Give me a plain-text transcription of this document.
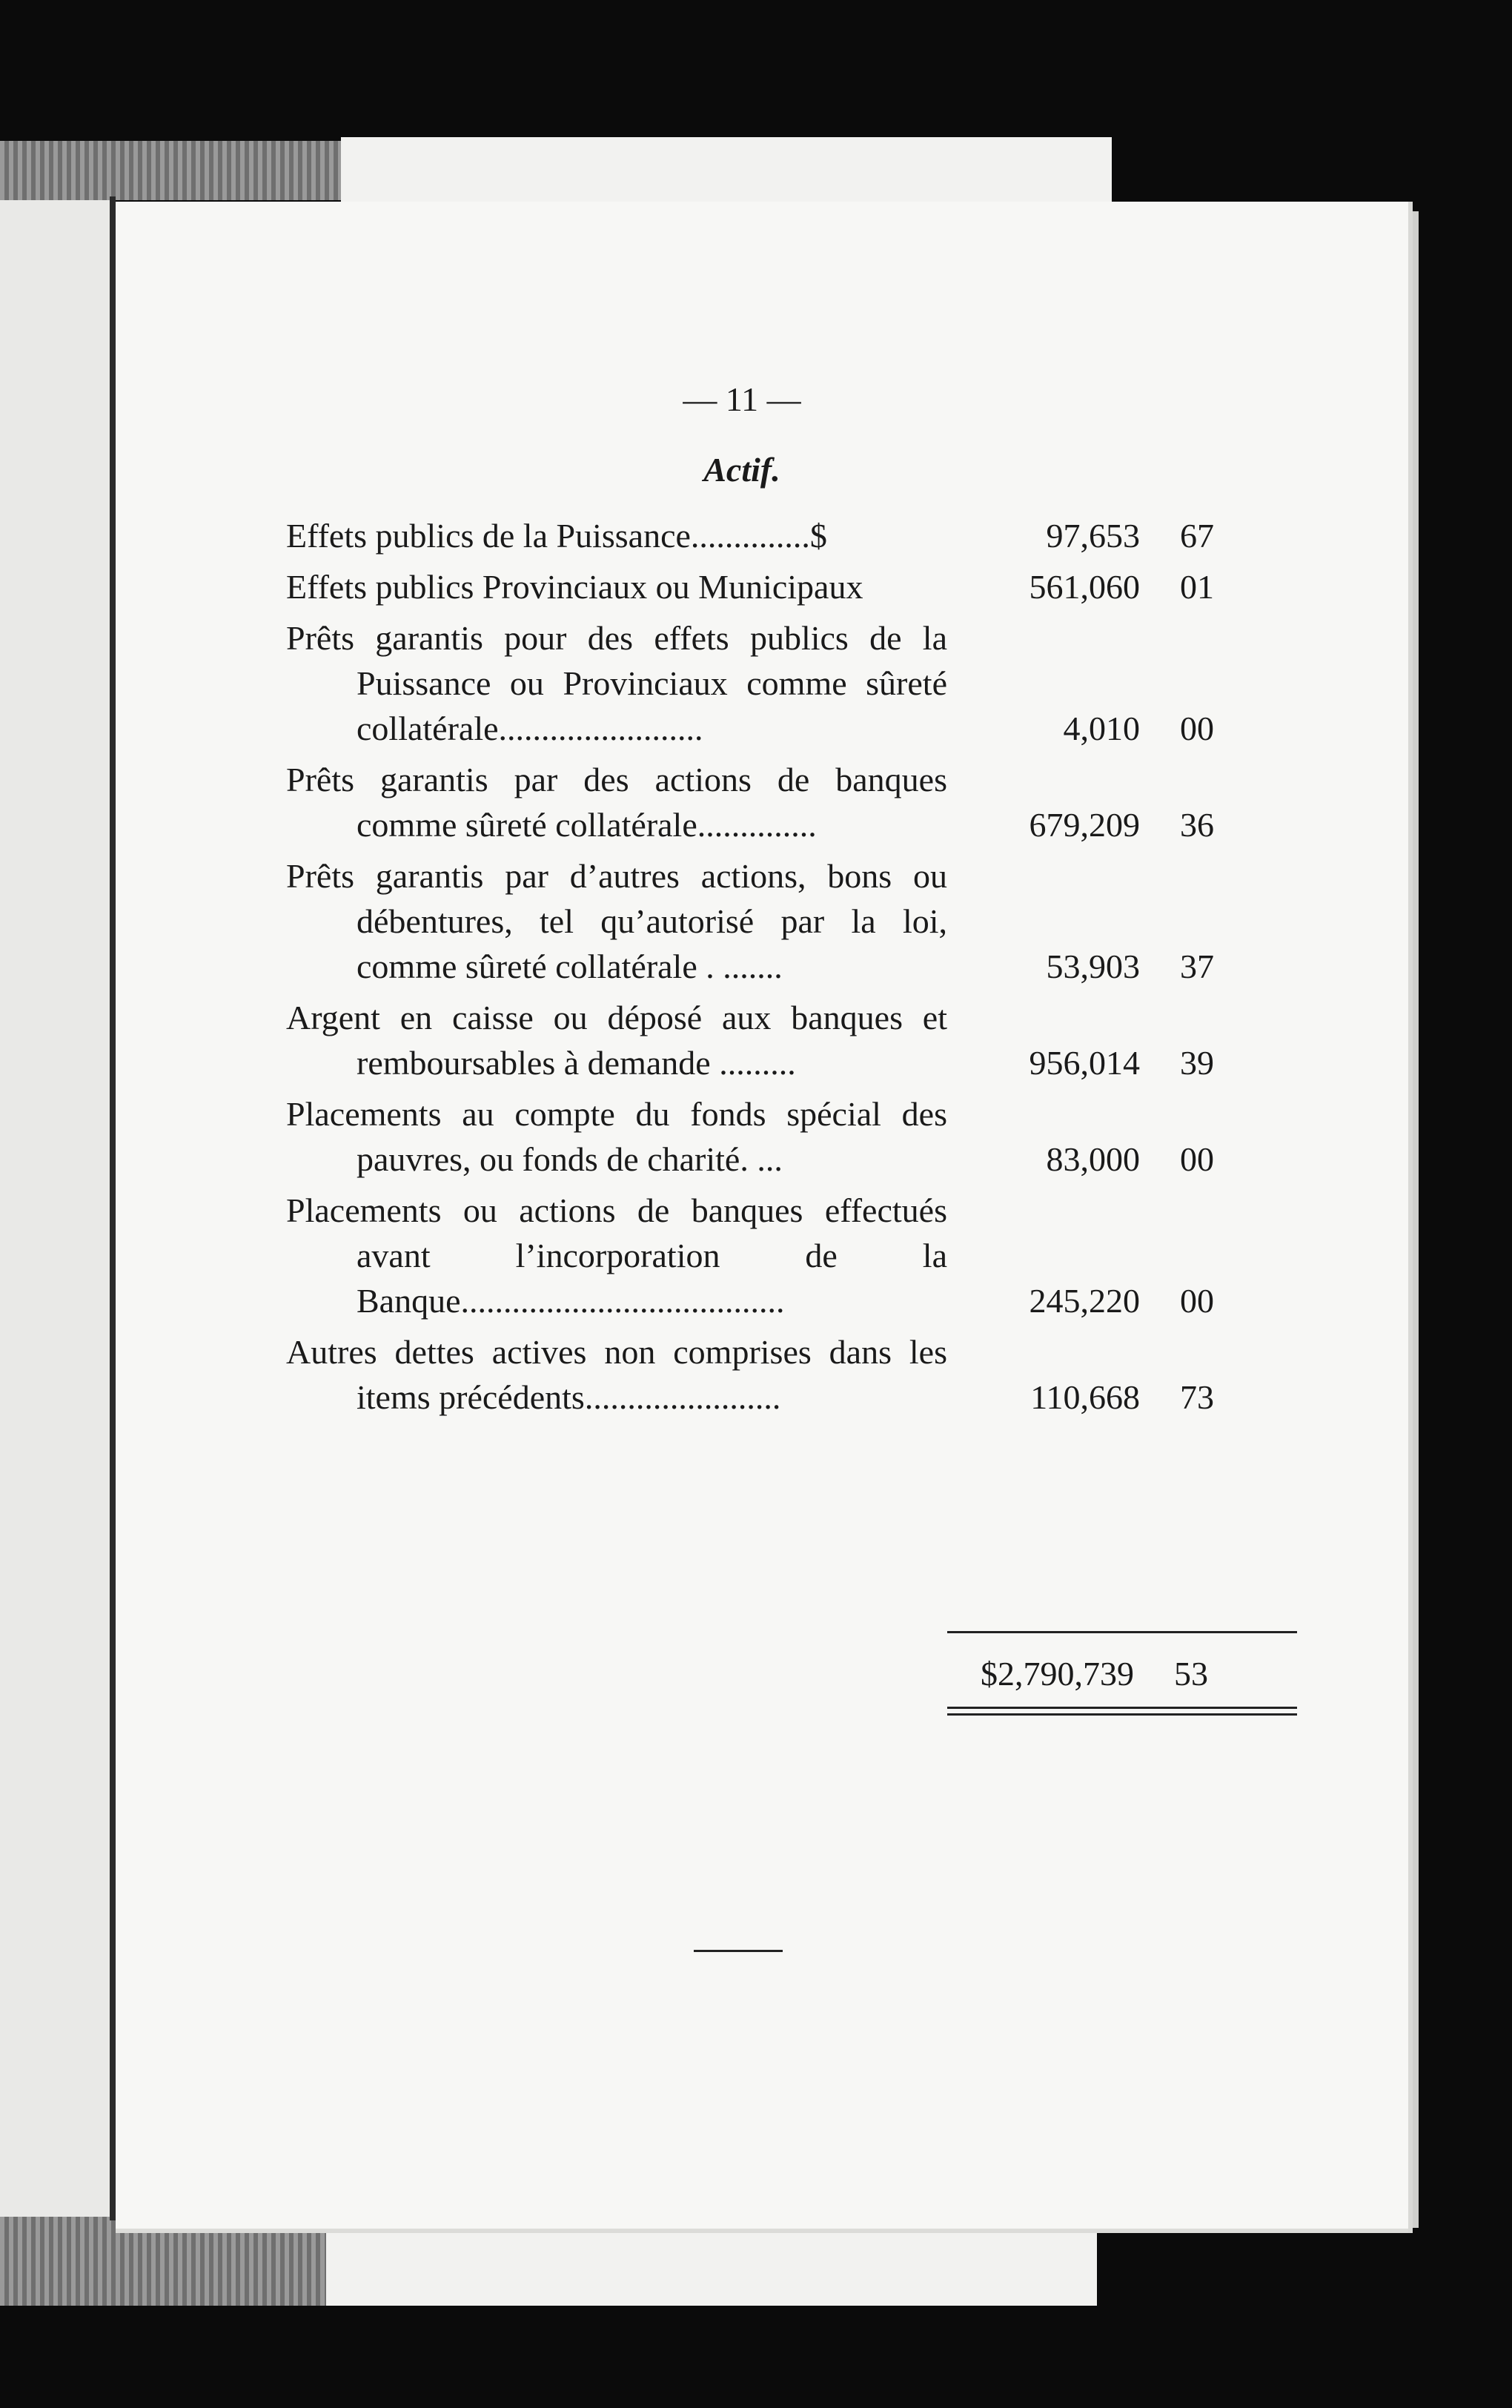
— 11 —
Actif.
Effets publics de la Puissance..............$	97,653	67
Effets publics Provinciaux ou Municipaux	561,060	01
Prêts garantis pour des effets publics de la Puissance ou Provinciaux comme sûreté collatérale........................	4,010	00
Prêts garantis par des actions de banques comme sûreté collatérale..............	679,209	36
Prêts garantis par d’autres actions, bons ou débentures, tel qu’autorisé par la loi, comme sûreté collatérale . .......	53,903	37
Argent en caisse ou déposé aux banques et remboursables à demande .........	956,014	39
Placements au compte du fonds spécial des pauvres, ou fonds de charité. ...	83,000	00
Placements ou actions de banques effectués avant l’incorporation de la Banque......................................	245,220	00
Autres dettes actives non comprises dans les items précédents.......................	110,668	73
$2,790,739	53
